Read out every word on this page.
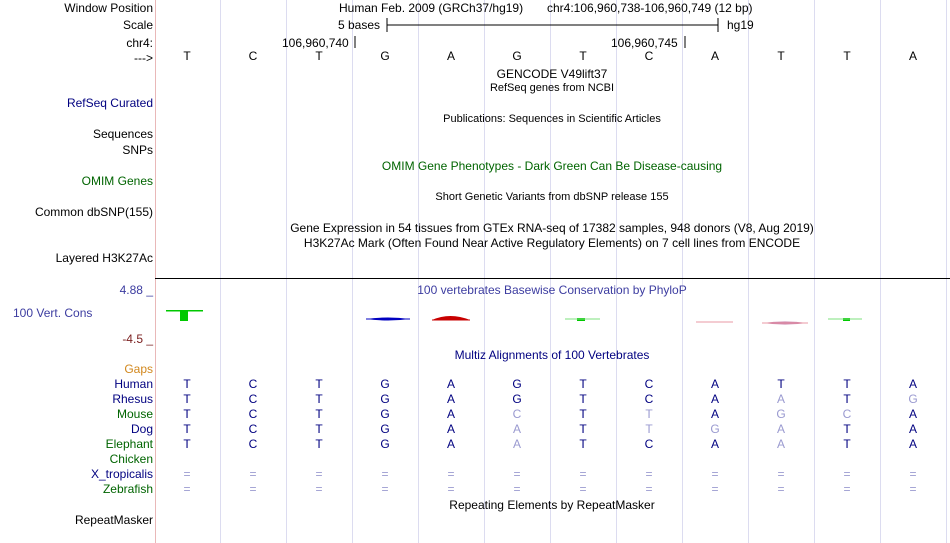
Window Position	Human Feb. 2009 (GRCh37/hg19) chr4:106,960,738-106,960,749 (12 bp)
Scale	5 bases	hg19
chr4:	106,960,740	106,960,745
--->	T	C	T	G	A	G	T	C	A	T	T	A
GENCODE V49lift37
RefSeq genes from NCBI
RefSeq Curated
Publications: Sequences in Scientific Articles
Sequences
SNPs
OMIM Gene Phenotypes - Dark Green Can Be Disease-causing
OMIM Genes
Short Genetic Variants from dbSNP release 155
Common dbSNP(155)
Gene Expression in 54 tissues from GTEx RNA-seq of 17382 samples, 948 donors (V8, Aug 2019)
H3K27Ac Mark (Often Found Near Active Regulatory Elements) on 7 cell lines from ENCODE
Layered H3K27Ac
4.88 _	100 vertebrates Basewise Conservation by PhyloP
100 Vert. Cons
-4.5 _
Multiz Alignments of 100 Vertebrates
Gaps
Human	T	C	T	G	A	G	T	C	A	T	T	A
Rhesus	T	C	T	G	A	G	T	C	A	A	T	G
Mouse	T	C	T	G	A	C	T	T	A	G	C	A
Dog	T	C	T	G	A	A	T	T	G	A	T	A
Elephant	T	C	T	G	A	A	T	C	A	A	T	A
Chicken
X_tropicalis	=	=	=	=	=	=	=	=	=	=	=	=
Zebrafish	=	=	=	=	=	=	=	=	=	=	=	=
Repeating Elements by RepeatMasker
RepeatMasker
